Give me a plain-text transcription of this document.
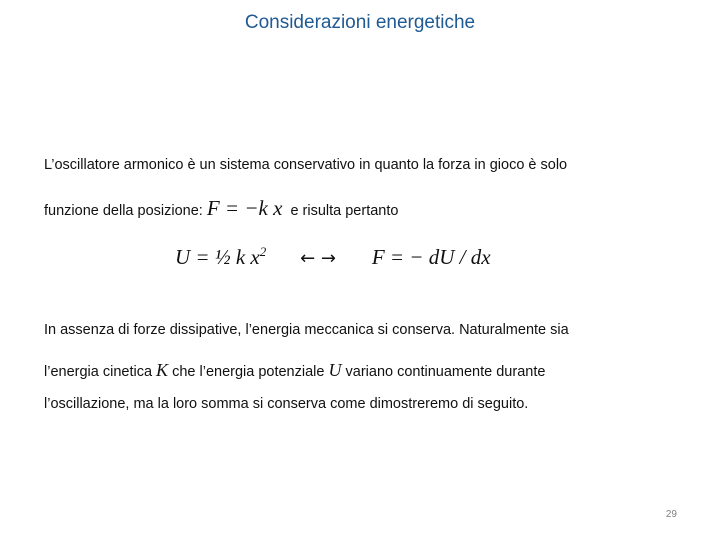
Considerazioni energetiche
L’oscillatore armonico è un sistema conservativo in quanto la forza in gioco è solo
funzione della posizione: F = −k x e risulta pertanto
U = ½ k $x^2$ ← → F = − dU / dx
In assenza di forze dissipative, l’energia meccanica si conserva. Naturalmente sia
l’energia cinetica K che l’energia potenziale U variano continuamente durante
l’oscillazione, ma la loro somma si conserva come dimostreremo di seguito.
29
